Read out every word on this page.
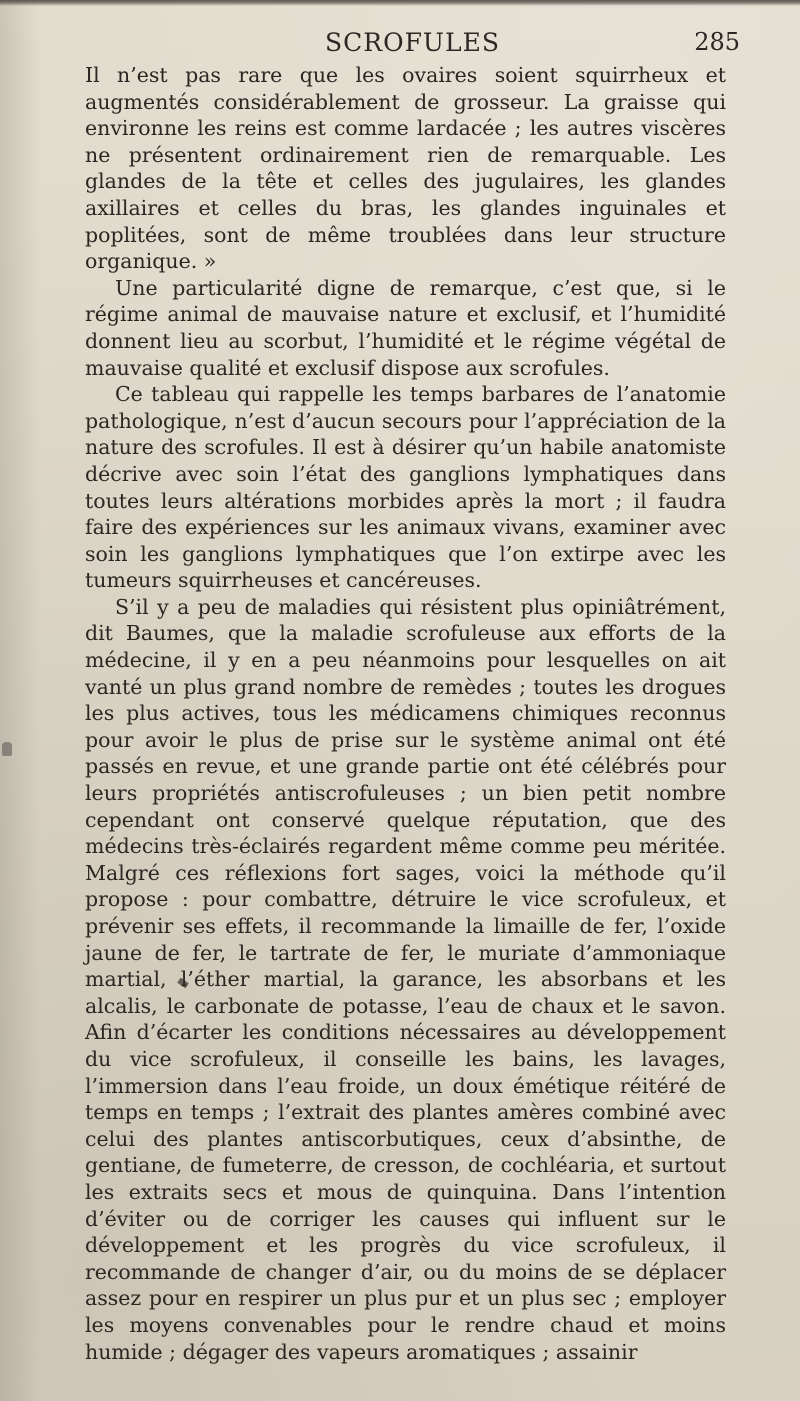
SCROFULES	285

Il n’est pas rare que les ovaires soient squirrheux et augmentés considérablement de grosseur. La graisse qui environne les reins est comme lardacée ; les autres viscères ne présentent ordinairement rien de remarquable. Les glandes de la tête et celles des jugulaires, les glandes axillaires et celles du bras, les glandes inguinales et poplitées, sont de même troublées dans leur structure organique. »

Une particularité digne de remarque, c’est que, si le régime animal de mauvaise nature et exclusif, et l’humidité donnent lieu au scorbut, l’humidité et le régime végétal de mauvaise qualité et exclusif dispose aux scrofules.

Ce tableau qui rappelle les temps barbares de l’anatomie pathologique, n’est d’aucun secours pour l’appréciation de la nature des scrofules. Il est à désirer qu’un habile anatomiste décrive avec soin l’état des ganglions lymphatiques dans toutes leurs altérations morbides après la mort ; il faudra faire des expériences sur les animaux vivans, examiner avec soin les ganglions lymphatiques que l’on extirpe avec les tumeurs squirrheuses et cancéreuses.

S’il y a peu de maladies qui résistent plus opiniâtrément, dit Baumes, que la maladie scrofuleuse aux efforts de la médecine, il y en a peu néanmoins pour lesquelles on ait vanté un plus grand nombre de remèdes ; toutes les drogues les plus actives, tous les médicamens chimiques reconnus pour avoir le plus de prise sur le système animal ont été passés en revue, et une grande partie ont été célébrés pour leurs propriétés antiscrofuleuses ; un bien petit nombre cependant ont conservé quelque réputation, que des médecins très-éclairés regardent même comme peu méritée. Malgré ces réflexions fort sages, voici la méthode qu’il propose : pour combattre, détruire le vice scrofuleux, et prévenir ses effets, il recommande la limaille de fer, l’oxide jaune de fer, le tartrate de fer, le muriate d’ammoniaque martial, l’éther martial, la garance, les absorbans et les alcalis, le carbonate de potasse, l’eau de chaux et le savon. Afin d’écarter les conditions nécessaires au développement du vice scrofuleux, il conseille les bains, les lavages, l’immersion dans l’eau froide, un doux émétique réitéré de temps en temps ; l’extrait des plantes amères combiné avec celui des plantes antiscorbutiques, ceux d’absinthe, de gentiane, de fumeterre, de cresson, de cochléaria, et surtout les extraits secs et mous de quinquina. Dans l’intention d’éviter ou de corriger les causes qui influent sur le développement et les progrès du vice scrofuleux, il recommande de changer d’air, ou du moins de se déplacer assez pour en respirer un plus pur et un plus sec ; employer les moyens convenables pour le rendre chaud et moins humide ; dégager des vapeurs aromatiques ; assainir
